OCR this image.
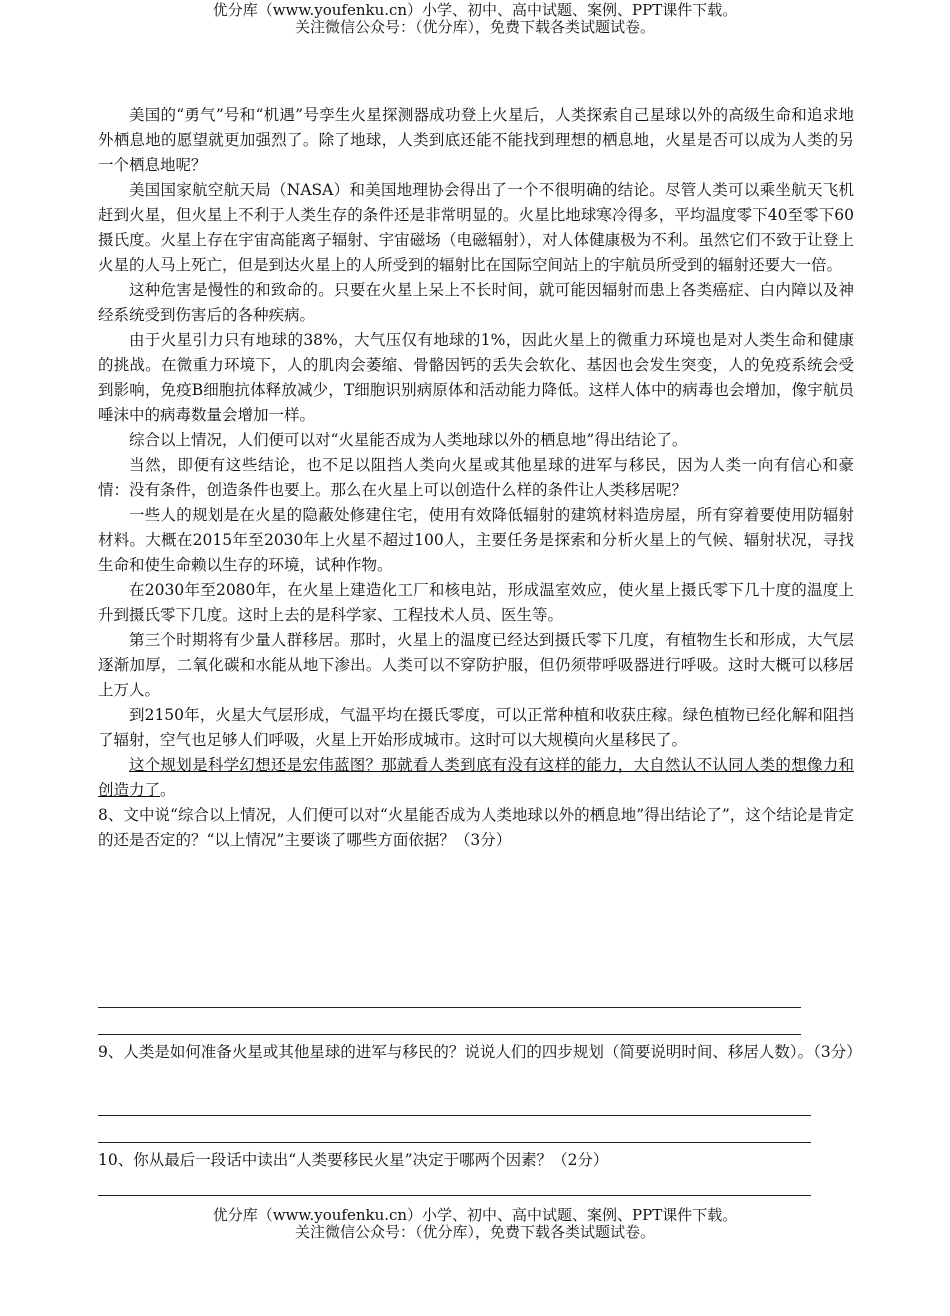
优分库（www.youfenku.cn）小学、初中、高中试题、案例、PPT课件下载。
关注微信公众号：（优分库），免费下载各类试题试卷。

美国的“勇气”号和“机遇”号孪生火星探测器成功登上火星后，人类探索自己星球以外的高级生命和追求地外栖息地的愿望就更加强烈了。除了地球，人类到底还能不能找到理想的栖息地，火星是否可以成为人类的另一个栖息地呢？

美国国家航空航天局（NASA）和美国地理协会得出了一个不很明确的结论。尽管人类可以乘坐航天飞机赶到火星，但火星上不利于人类生存的条件还是非常明显的。火星比地球寒冷得多，平均温度零下40至零下60摄氏度。火星上存在宇宙高能离子辐射、宇宙磁场（电磁辐射），对人体健康极为不利。虽然它们不致于让登上火星的人马上死亡，但是到达火星上的人所受到的辐射比在国际空间站上的宇航员所受到的辐射还要大一倍。

这种危害是慢性的和致命的。只要在火星上呆上不长时间，就可能因辐射而患上各类癌症、白内障以及神经系统受到伤害后的各种疾病。

由于火星引力只有地球的38%，大气压仅有地球的1%，因此火星上的微重力环境也是对人类生命和健康的挑战。在微重力环境下，人的肌肉会萎缩、骨骼因钙的丢失会软化、基因也会发生突变，人的免疫系统会受到影响，免疫B细胞抗体释放减少，T细胞识别病原体和活动能力降低。这样人体中的病毒也会增加，像宇航员唾沫中的病毒数量会增加一样。

综合以上情况，人们便可以对“火星能否成为人类地球以外的栖息地”得出结论了。

当然，即便有这些结论，也不足以阻挡人类向火星或其他星球的进军与移民，因为人类一向有信心和豪情：没有条件，创造条件也要上。那么在火星上可以创造什么样的条件让人类移居呢？

一些人的规划是在火星的隐蔽处修建住宅，使用有效降低辐射的建筑材料造房屋，所有穿着要使用防辐射材料。大概在2015年至2030年上火星不超过100人，主要任务是探索和分析火星上的气候、辐射状况，寻找生命和使生命赖以生存的环境，试种作物。

在2030年至2080年，在火星上建造化工厂和核电站，形成温室效应，使火星上摄氏零下几十度的温度上升到摄氏零下几度。这时上去的是科学家、工程技术人员、医生等。

第三个时期将有少量人群移居。那时，火星上的温度已经达到摄氏零下几度，有植物生长和形成，大气层逐渐加厚，二氧化碳和水能从地下渗出。人类可以不穿防护服，但仍须带呼吸器进行呼吸。这时大概可以移居上万人。

到2150年，火星大气层形成，气温平均在摄氏零度，可以正常种植和收获庄稼。绿色植物已经化解和阻挡了辐射，空气也足够人们呼吸，火星上开始形成城市。这时可以大规模向火星移民了。

这个规划是科学幻想还是宏伟蓝图？那就看人类到底有没有这样的能力，大自然认不认同人类的想像力和创造力了。

8、文中说“综合以上情况，人们便可以对“火星能否成为人类地球以外的栖息地”得出结论了”，这个结论是肯定的还是否定的？“以上情况”主要谈了哪些方面依据？（3分）

9、人类是如何准备火星或其他星球的进军与移民的？说说人们的四步规划（简要说明时间、移居人数）。（3分）

10、你从最后一段话中读出“人类要移民火星”决定于哪两个因素？（2分）

优分库（www.youfenku.cn）小学、初中、高中试题、案例、PPT课件下载。
关注微信公众号：（优分库），免费下载各类试题试卷。
